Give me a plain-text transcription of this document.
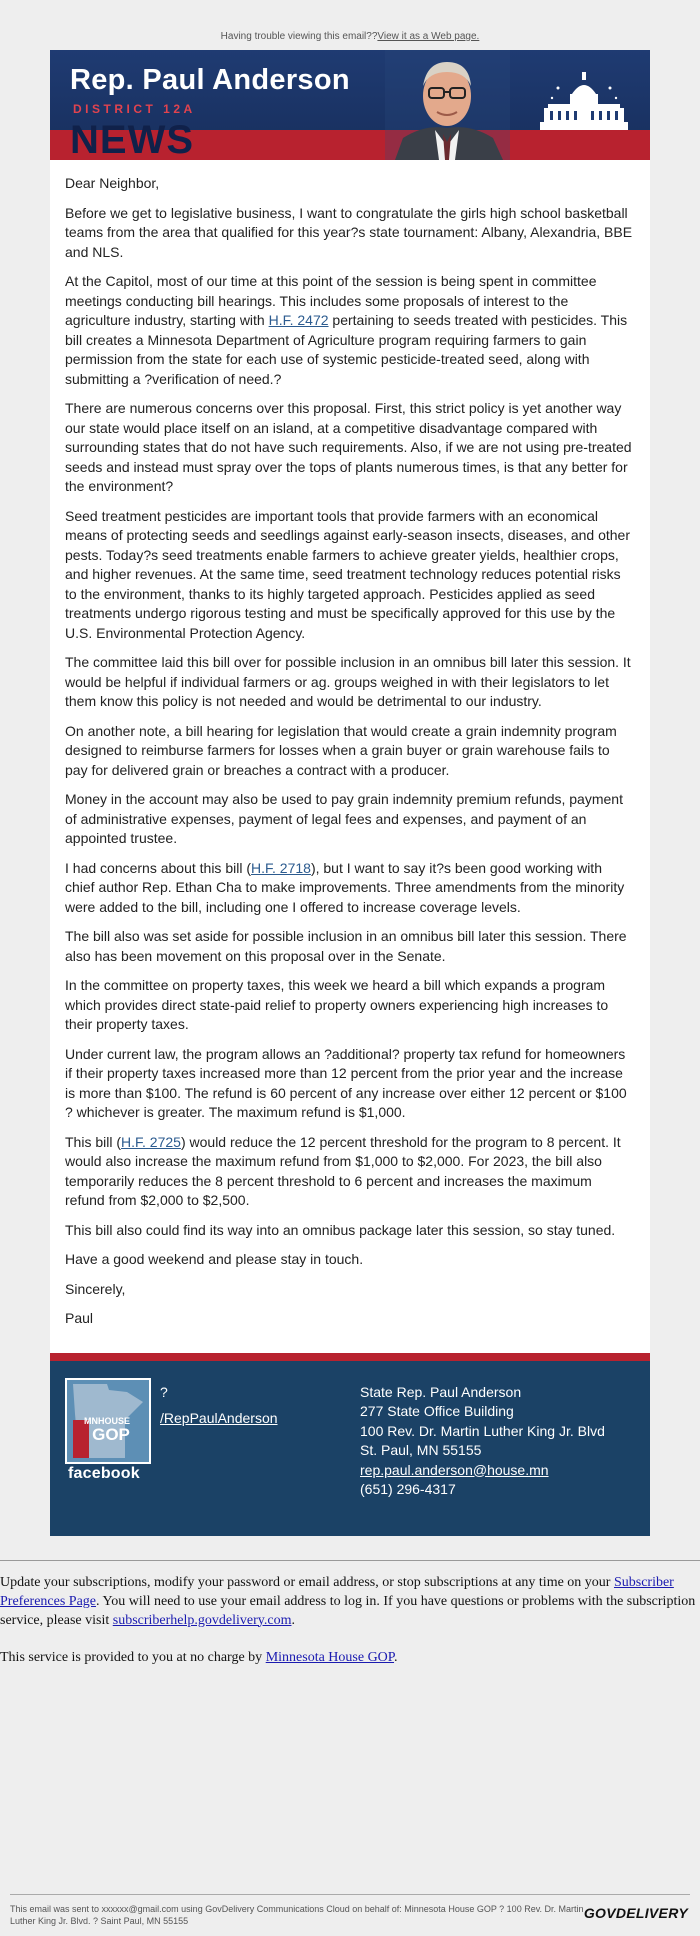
Having trouble viewing this email??View it as a Web page.
Rep. Paul Anderson
DISTRICT 12A
NEWS

Dear Neighbor,

Before we get to legislative business, I want to congratulate the girls high school basketball teams from the area that qualified for this year?s state tournament: Albany, Alexandria, BBE and NLS.

At the Capitol, most of our time at this point of the session is being spent in committee meetings conducting bill hearings. This includes some proposals of interest to the agriculture industry, starting with H.F. 2472 pertaining to seeds treated with pesticides. This bill creates a Minnesota Department of Agriculture program requiring farmers to gain permission from the state for each use of systemic pesticide-treated seed, along with submitting a ?verification of need.?

There are numerous concerns over this proposal. First, this strict policy is yet another way our state would place itself on an island, at a competitive disadvantage compared with surrounding states that do not have such requirements. Also, if we are not using pre-treated seeds and instead must spray over the tops of plants numerous times, is that any better for the environment?

Seed treatment pesticides are important tools that provide farmers with an economical means of protecting seeds and seedlings against early-season insects, diseases, and other pests. Today?s seed treatments enable farmers to achieve greater yields, healthier crops, and higher revenues. At the same time, seed treatment technology reduces potential risks to the environment, thanks to its highly targeted approach. Pesticides applied as seed treatments undergo rigorous testing and must be specifically approved for this use by the U.S. Environmental Protection Agency.

The committee laid this bill over for possible inclusion in an omnibus bill later this session. It would be helpful if individual farmers or ag. groups weighed in with their legislators to let them know this policy is not needed and would be detrimental to our industry.

On another note, a bill hearing for legislation that would create a grain indemnity program designed to reimburse farmers for losses when a grain buyer or grain warehouse fails to pay for delivered grain or breaches a contract with a producer.

Money in the account may also be used to pay grain indemnity premium refunds, payment of administrative expenses, payment of legal fees and expenses, and payment of an appointed trustee.

I had concerns about this bill (H.F. 2718), but I want to say it?s been good working with chief author Rep. Ethan Cha to make improvements. Three amendments from the minority were added to the bill, including one I offered to increase coverage levels.

The bill also was set aside for possible inclusion in an omnibus bill later this session. There also has been movement on this proposal over in the Senate.

In the committee on property taxes, this week we heard a bill which expands a program which provides direct state-paid relief to property owners experiencing high increases to their property taxes.

Under current law, the program allows an ?additional? property tax refund for homeowners if their property taxes increased more than 12 percent from the prior year and the increase is more than $100. The refund is 60 percent of any increase over either 12 percent or $100 ? whichever is greater. The maximum refund is $1,000.

This bill (H.F. 2725) would reduce the 12 percent threshold for the program to 8 percent. It would also increase the maximum refund from $1,000 to $2,000. For 2023, the bill also temporarily reduces the 8 percent threshold to 6 percent and increases the maximum refund from $2,000 to $2,500.

This bill also could find its way into an omnibus package later this session, so stay tuned.

Have a good weekend and please stay in touch.

Sincerely,

Paul

MNHOUSE
GOP
facebook
?
/RepPaulAnderson
State Rep. Paul Anderson
277 State Office Building
100 Rev. Dr. Martin Luther King Jr. Blvd
St. Paul, MN 55155
rep.paul.anderson@house.mn
(651) 296-4317

Update your subscriptions, modify your password or email address, or stop subscriptions at any time on your Subscriber Preferences Page. You will need to use your email address to log in. If you have questions or problems with the subscription service, please visit subscriberhelp.govdelivery.com.

This service is provided to you at no charge by Minnesota House GOP.

This email was sent to xxxxxx@gmail.com using GovDelivery Communications Cloud on behalf of: Minnesota House GOP ? 100 Rev. Dr. Martin Luther King Jr. Blvd. ? Saint Paul, MN 55155	GOVDELIVERY
